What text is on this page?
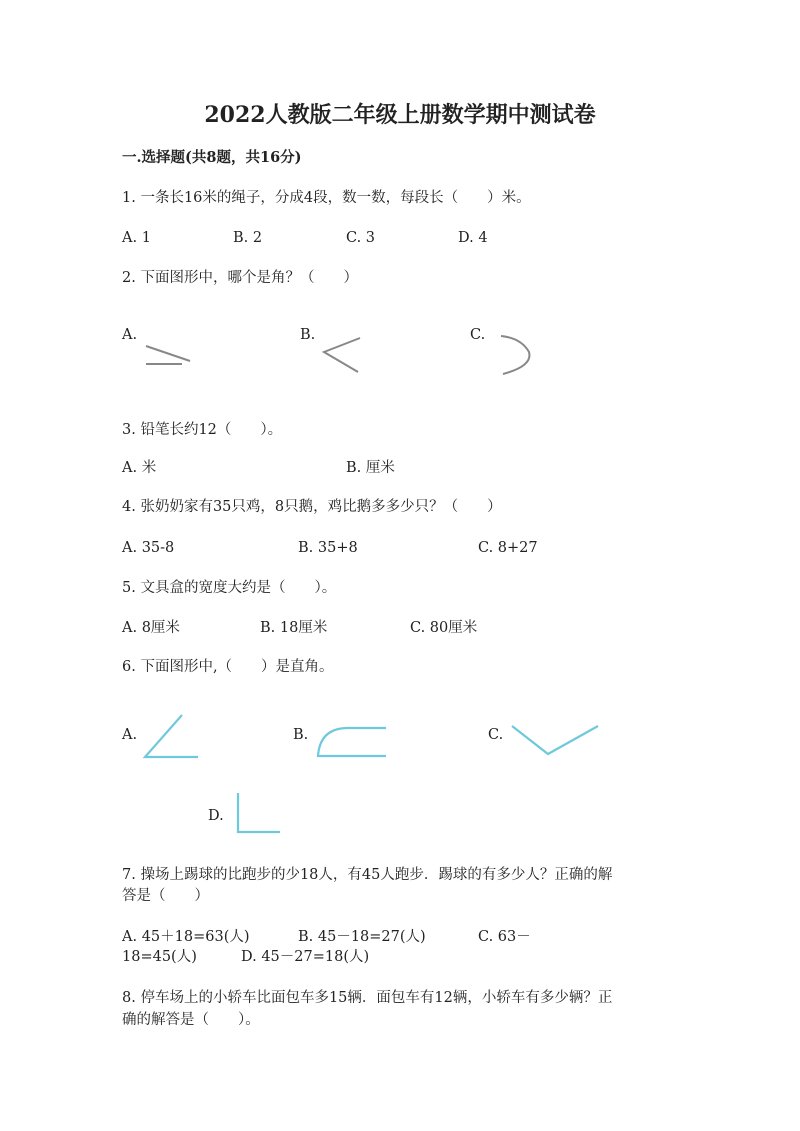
2022人教版二年级上册数学期中测试卷
一.选择题(共8题，共16分)
1. 一条长16米的绳子，分成4段，数一数，每段长（　　）米。
A. 1	B. 2	C. 3	D. 4
2. 下面图形中，哪个是角？（　　）
A.	B.	C.
3. 铅笔长约12（　　）。
A. 米	B. 厘米
4. 张奶奶家有35只鸡，8只鹅，鸡比鹅多多少只？（　　）
A. 35-8	B. 35+8	C. 8+27
5. 文具盒的宽度大约是（　　）。
A. 8厘米	B. 18厘米	C. 80厘米
6. 下面图形中,（　　）是直角。
A.	B.	C.
D.
7. 操场上踢球的比跑步的少18人，有45人跑步．踢球的有多少人？正确的解
答是（　　）
A. 45＋18=63(人)	B. 45－18=27(人)	C. 63－
18=45(人)	D. 45－27=18(人)
8. 停车场上的小轿车比面包车多15辆．面包车有12辆，小轿车有多少辆？正
确的解答是（　　）。
